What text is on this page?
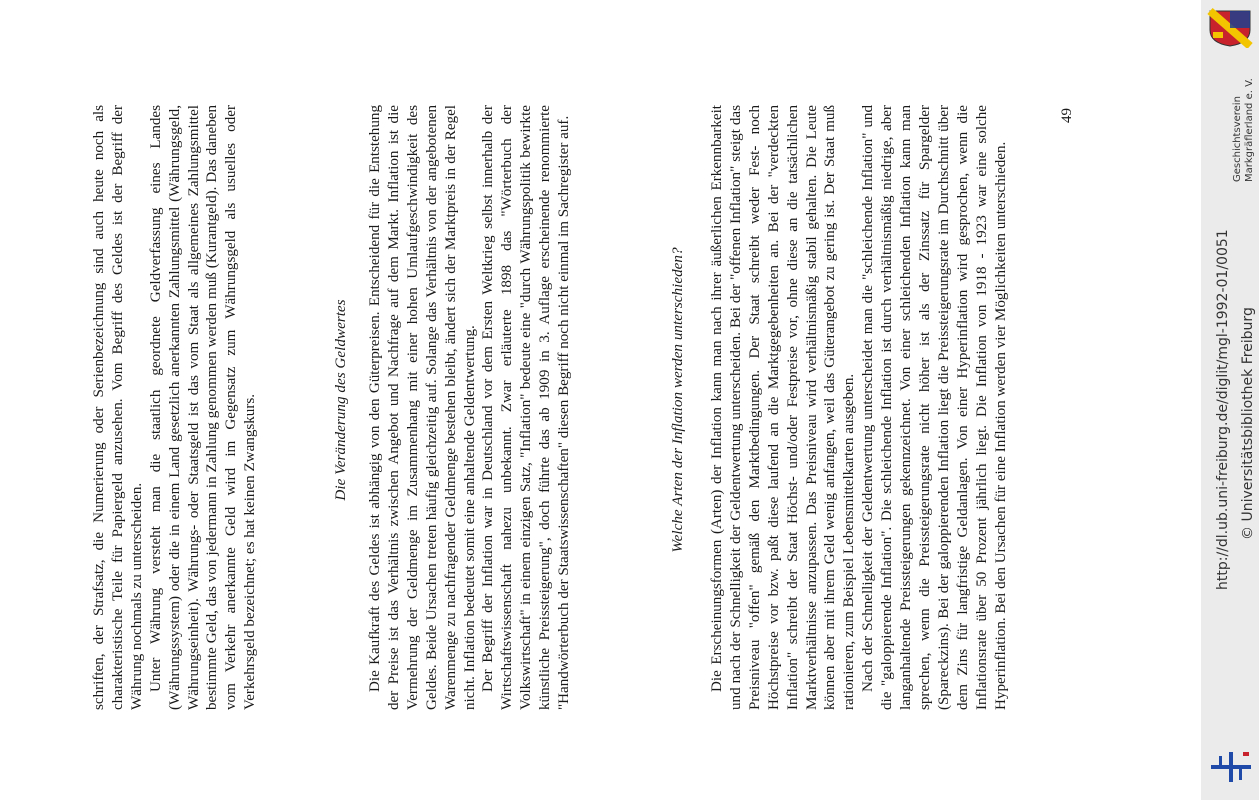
schriften, der Strafsatz, die Numerierung oder Serienbezeichnung sind auch heute noch als charakteristische Teile für Papiergeld anzusehen. Vom Begriff des Geldes ist der Begriff der Währung nochmals zu unterscheiden. Unter Währung versteht man die staatlich geordnete Geldverfassung eines Landes (Währungssystem) oder die in einem Land gesetzlich anerkannten Zahlungsmittel (Währungsgeld, Währungseinheit). Währungs- oder Staatsgeld ist das vom Staat als allgemeines Zahlungsmittel bestimmte Geld, das von jedermann in Zahlung genommen werden muß (Kurantgeld). Das daneben vom Verkehr anerkannte Geld wird im Gegensatz zum Währungsgeld als usuelles oder Verkehrsgeld bezeichnet; es hat keinen Zwangskurs.	Die Veränderung des Geldwertes Die Kaufkraft des Geldes ist abhängig von den Güterpreisen. Entscheidend für die Entstehung der Preise ist das Verhältnis zwischen Angebot und Nachfrage auf dem Markt. Inflation ist die Vermehrung der Geldmenge im Zusammenhang mit einer hohen Umlaufgeschwindigkeit des Geldes. Beide Ursachen treten häufig gleichzeitig auf. Solange das Verhältnis von der angebotenen Warenmenge zu nachfragender Geldmenge bestehen bleibt, ändert sich der Marktpreis in der Regel nicht. Inflation bedeutet somit eine anhaltende Geldentwertung. Der Begriff der Inflation war in Deutschland vor dem Ersten Weltkrieg selbst innerhalb der Wirtschaftswissenschaft nahezu unbekannt. Zwar erläuterte 1898 das "Wörterbuch der Volkswirtschaft" in einem einzigen Satz, "Inflation" bedeute eine "durch Währungspolitik bewirkte künstliche Preissteigerung", doch führte das ab 1909 in 3. Auflage erscheinende renommierte "Handwörterbuch der Staatswissenschaften" diesen Begriff noch nicht einmal im Sachregister auf.	Welche Arten der Inflation werden unterschieden? Die Erscheinungsformen (Arten) der Inflation kann man nach ihrer äußerlichen Erkennbarkeit und nach der Schnelligkeit der Geldentwertung unterscheiden. Bei der "offenen Inflation" steigt das Preisniveau "offen" gemäß den Marktbedingungen. Der Staat schreibt weder Fest- noch Höchstpreise vor bzw. paßt diese laufend an die Marktgegebenheiten an. Bei der "verdeckten Inflation" schreibt der Staat Höchst- und/oder Festpreise vor, ohne diese an die tatsächlichen Marktverhältnisse anzupassen. Das Preisniveau wird verhältnismäßig stabil gehalten. Die Leute können aber mit ihrem Geld wenig anfangen, weil das Güterangebot zu gering ist. Der Staat muß rationieren, zum Beispiel Lebensmittelkarten ausgeben. Nach der Schnelligkeit der Geldentwertung unterscheidet man die "schleichende Inflation" und die "galoppierende Inflation". Die schleichende Inflation ist durch verhältnismäßig niedrige, aber langanhaltende Preissteigerungen gekennzeichnet. Von einer schleichenden Inflation kann man sprechen, wenn die Preissteigerungsrate nicht höher ist als der Zinssatz für Spargelder (Spareckzins). Bei der galoppierenden Inflation liegt die Preissteigerungsrate im Durchschnitt über dem Zins für langfristige Geldanlagen. Von einer Hyperinflation wird gesprochen, wenn die Inflationsrate über 50 Prozent jährlich liegt. Die Inflation von 1918 - 1923 war eine solche Hyperinflation. Bei den Ursachen für eine Inflation werden vier Möglichkeiten unterschieden.

49	Geschichtsverein Markgräflerland e. V.
http://dl.ub.uni-freiburg.de/diglit/mgl-1992-01/0051 © Universitätsbibliothek Freiburg
